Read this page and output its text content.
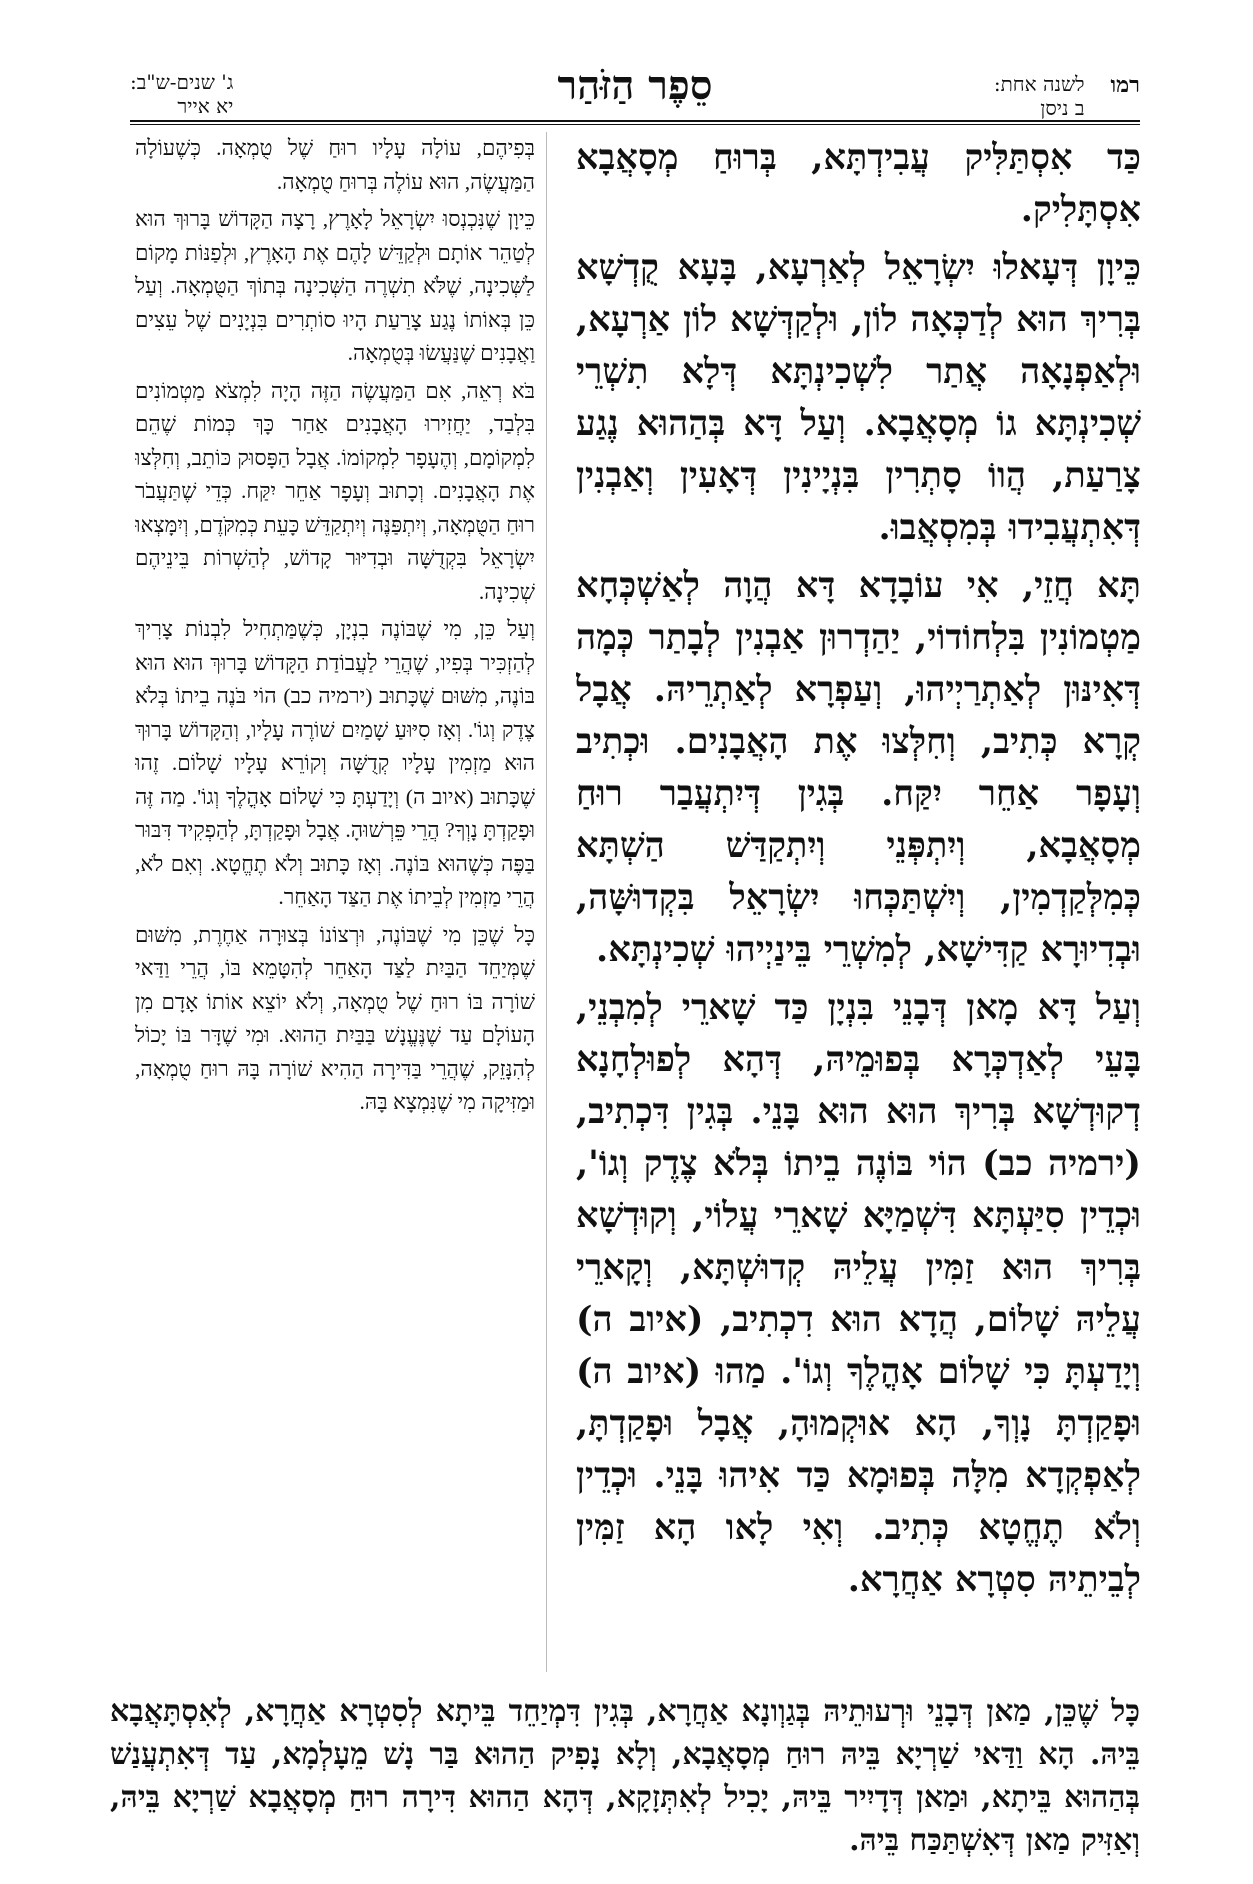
רמו
לשנה אחת:
ב ניסן
סֵפֶר הַזֹּהַר
ג' שנים-ש"ב:
יא אייר

כַּד אִסְתַּלִּיק עֲבִידְתָּא, בְּרוּחַ מְסָאֲבָא אִסְתָּלִיק.

כֵּיוָן דְּעָאלוּ יִשְׂרָאֵל לְאַרְעָא, בָּעָא קֻדְשָׁא בְּרִיךְ הוּא לְדַכְּאָה לוֹן, וּלְקַדְּשָׁא לוֹן אַרְעָא, וּלְאַפְנָאָה אֲתַר לִשְׁכִינְתָּא דְּלָא תִשְׁרֵי שְׁכִינְתָּא גוֹ מְסָאֲבָא. וְעַל דָּא בְּהַהוּא נֶגַע צָרַעַת, הֲווֹ סָתְרִין בִּנְיָינִין דְּאָעִין וְאַבְנִין דְּאִתְעֲבִידוּ בְּמִסְאֲבוּ.

תָּא חֲזֵי, אִי עוֹבָדָא דָּא הֲוָה לְאַשְׁכְּחָא מַטְמוֹנִין בִּלְחוֹדוֹי, יַהַדְרוּן אַבְנִין לְבָתַר כְּמָה דְּאִינּוּן לְאַתְרַיְיהוּ, וְעַפְרָא לְאַתְרֵיהּ. אֲבָל קְרָא כְּתִיב, וְחִלְּצוּ אֶת הָאֲבָנִים. וּכְתִיב וְעָפָר אַחֵר יִקַּח. בְּגִין דְּיִתְעֲבַר רוּחַ מְסָאֲבָא, וְיִתְפְּנֵי וְיִתְקַדַּשׁ הַשְׁתָּא כְּמִלְּקַדְמִין, וְיִשְׁתַּכְּחוּ יִשְׂרָאֵל בִּקְדוּשָּׁה, וּבְדִיוּרָא קַדִּישָׁא, לְמִשְׁרֵי בֵּינַיְיהוּ שְׁכִינְתָּא.

וְעַל דָּא מָאן דְּבָנֵי בִּנְיָן כַּד שָׁארֵי לְמִבְנֵי, בָּעֵי לְאַדְכְּרָא בְּפוּמֵיהּ, דְּהָא לְפוּלְחָנָא דְקוּדְשָׁא בְּרִיךְ הוּא הוּא בָּנֵי. בְּגִין דִּכְתִיב, (ירמיה כב) הוֹי בּוֹנֶה בֵיתוֹ בְּלֹא צֶדֶק וְגוֹ', וּכְדֵין סִיַּעְתָּא דִּשְׁמַיָּא שָׁארֵי עֲלוֹי, וְקוּדְשָׁא בְּרִיךְ הוּא זַמִּין עֲלֵיהּ קְדוּשְׁתָּא, וְקָארֵי עֲלֵיהּ שָׁלוֹם, הֲדָא הוּא דִכְתִיב, (איוב ה) וְיָדַעְתָּ כִּי שָׁלוֹם אָהֳלֶךָ וְגוֹ'. מַהוּ (איוב ה) וּפָקַדְתָּ נָוְךָ, הָא אוּקְמוּהָ, אֲבָל וּפָקַדְתָּ, לְאַפְקְדָא מִלָּה בְּפוּמָא כַּד אִיהוּ בָּנֵי. וּכְדֵין וְלֹא תֶחֱטָא כְּתִיב. וְאִי לָאו הָא זַמִּין לְבֵיתֵיהּ סִטְרָא אַחֲרָא.

בְּפִיהֶם, עוֹלָה עָלָיו רוּחַ שֶׁל טֻמְאָה. כְּשֶׁעוֹלָה הַמַּעֲשֶׂה, הוּא עוֹלֶה בְּרוּחַ טֻמְאָה.

כֵּיוָן שֶׁנִּכְנְסוּ יִשְׂרָאֵל לָאָרֶץ, רָצָה הַקָּדוֹשׁ בָּרוּךְ הוּא לְטַהֵר אוֹתָם וּלְקַדֵּשׁ לָהֶם אֶת הָאָרֶץ, וּלְפַנּוֹת מָקוֹם לַשְּׁכִינָה, שֶׁלֹּא תִשְׁרֶה הַשְּׁכִינָה בְּתוֹךְ הַטֻּמְאָה. וְעַל כֵּן בְּאוֹתוֹ נֶגַע צָרַעַת הָיוּ סוֹתְרִים בִּנְיָנִים שֶׁל עֵצִים וַאֲבָנִים שֶׁנַּעֲשׂוּ בְּטֻמְאָה.

בֹּא רְאֵה, אִם הַמַּעֲשֶׂה הַזֶּה הָיָה לִמְצֹא מַטְמוֹנִים בִּלְבַד, יַחֲזִירוּ הָאֲבָנִים אַחַר כָּךְ כְּמוֹת שֶׁהֵם לִמְקוֹמָם, וְהֶעָפָר לִמְקוֹמוֹ. אֲבָל הַפָּסוּק כּוֹתֵב, וְחִלְּצוּ אֶת הָאֲבָנִים. וְכָתוּב וְעָפָר אַחֵר יִקַּח. כְּדֵי שֶׁתַּעֲבֹר רוּחַ הַטֻּמְאָה, וְיִתְפַּנֶּה וְיִתְקַדֵּשׁ כָּעֵת כְּמִקֹּדֶם, וְיִמָּצְאוּ יִשְׂרָאֵל בִּקְדֻשָּׁה וּבְדִיּוּר קָדוֹשׁ, לְהַשְׁרוֹת בֵּינֵיהֶם שְׁכִינָה.

וְעַל כֵּן, מִי שֶׁבּוֹנֶה בִנְיָן, כְּשֶׁמַּתְחִיל לִבְנוֹת צָרִיךְ לְהַזְכִּיר בְּפִיו, שֶׁהֲרֵי לַעֲבוֹדַת הַקָּדוֹשׁ בָּרוּךְ הוּא הוּא בּוֹנֶה, מִשּׁוּם שֶׁכָּתוּב (ירמיה כב) הוֹי בֹּנֶה בֵיתוֹ בְּלֹא צֶדֶק וְגוֹ'. וְאָז סִיּוּעַ שָׁמַיִם שׁוֹרֶה עָלָיו, וְהַקָּדוֹשׁ בָּרוּךְ הוּא מַזְמִין עָלָיו קְדֻשָּׁה וְקוֹרֵא עָלָיו שָׁלוֹם. זֶהוּ שֶׁכָּתוּב (איוב ה) וְיָדַעְתָּ כִּי שָׁלוֹם אָהֳלֶךָ וְגוֹ'. מַה זֶּה וּפָקַדְתָּ נָוְךָ? הֲרֵי פֵּרְשׁוּהָ. אֲבָל וּפָקַדְתָּ, לְהַפְקִיד דִּבּוּר בַּפֶּה כְּשֶׁהוּא בּוֹנֶה. וְאָז כָּתוּב וְלֹא תֶחֱטָא. וְאִם לֹא, הֲרֵי מַזְמִין לְבֵיתוֹ אֶת הַצַּד הָאַחֵר.

כָּל שֶׁכֵּן מִי שֶׁבּוֹנֶה, וּרְצוֹנוֹ בְּצוּרָה אַחֶרֶת, מִשּׁוּם שֶׁמְּיַחֵד הַבַּיִת לַצַּד הָאַחֵר לְהִטָּמֵא בּוֹ, הֲרֵי וַדַּאי שׁוֹרָה בּוֹ רוּחַ שֶׁל טֻמְאָה, וְלֹא יוֹצֵא אוֹתוֹ אָדָם מִן הָעוֹלָם עַד שֶׁנֶּעֱנָשׁ בַּבַּיִת הַהוּא. וּמִי שֶׁדָּר בּוֹ יָכוֹל לְהִנָּזֵק, שֶׁהֲרֵי בַּדִּירָה הַהִיא שׁוֹרָה בָּהּ רוּחַ טֻמְאָה, וּמַזִּיקָה מִי שֶׁנִּמְצָא בָּהּ.

כָּל שֶׁכֵּן, מַאן דְּבָנֵי וּרְעוּתֵיהּ בְּגַוְונָא אַחֲרָא, בְּגִין דִּמְיַחֵד בֵּיתָא לְסִטְרָא אַחֲרָא, לְאִסְתָּאֲבָא בֵּיהּ. הָא וַדַּאי שַׁרְיָא בֵּיהּ רוּחַ מְסָאֲבָא, וְלָא נָפִיק הַהוּא בַּר נָשׁ מֵעָלְמָא, עַד דְּאִתְעֲנַשׁ בְּהַהוּא בֵּיתָא, וּמַאן דְּדָיִיר בֵּיהּ, יָכִיל לְאִתְּזָקָא, דְּהָא הַהוּא דִּירָה רוּחַ מְסָאֲבָא שַׁרְיָא בֵּיהּ, וְאַזִּיק מַאן דְּאִשְׁתַּכַּח בֵּיהּ.
